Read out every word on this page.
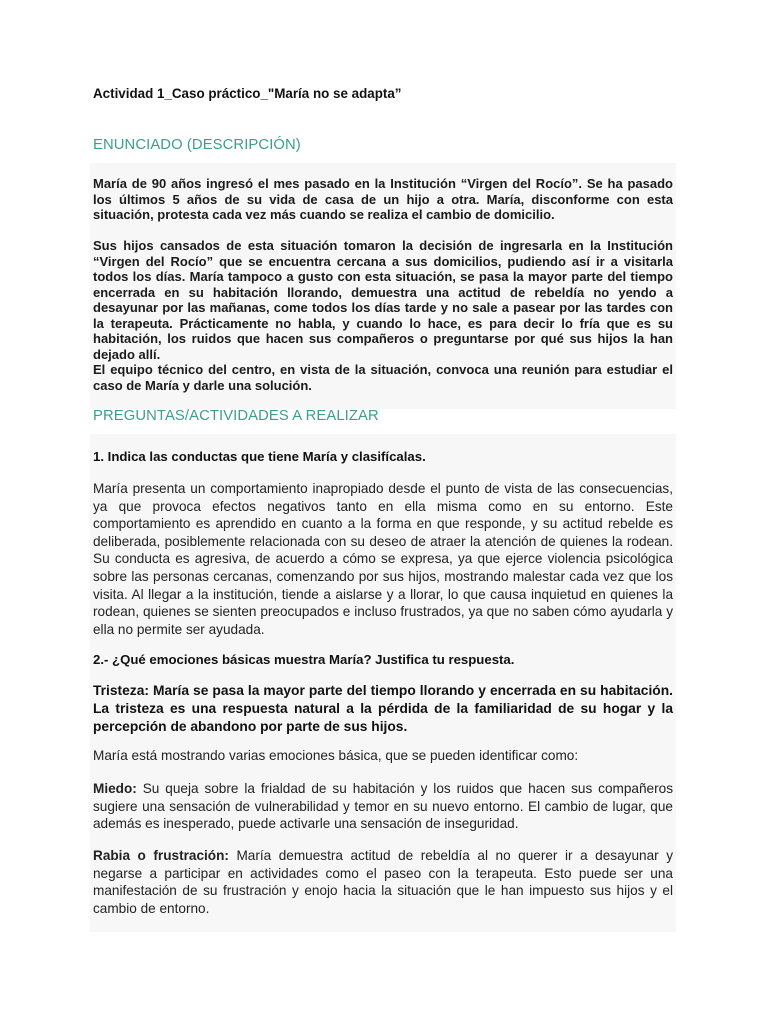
Actividad 1_Caso práctico_"María no se adapta”
ENUNCIADO (DESCRIPCIÓN)

María de 90 años ingresó el mes pasado en la Institución “Virgen del Rocío”. Se ha pasado los últimos 5 años de su vida de casa de un hijo a otra. María, disconforme con esta situación, protesta cada vez más cuando se realiza el cambio de domicilio.

Sus hijos cansados de esta situación tomaron la decisión de ingresarla en la Institución “Virgen del Rocío” que se encuentra cercana a sus domicilios, pudiendo así ir a visitarla todos los días. María tampoco a gusto con esta situación, se pasa la mayor parte del tiempo encerrada en su habitación llorando, demuestra una actitud de rebeldía no yendo a desayunar por las mañanas, come todos los días tarde y no sale a pasear por las tardes con la terapeuta. Prácticamente no habla, y cuando lo hace, es para decir lo fría que es su habitación, los ruidos que hacen sus compañeros o preguntarse por qué sus hijos la han dejado allí.

El equipo técnico del centro, en vista de la situación, convoca una reunión para estudiar el caso de María y darle una solución.

PREGUNTAS/ACTIVIDADES A REALIZAR

1. Indica las conductas que tiene María y clasifícalas.

María presenta un comportamiento inapropiado desde el punto de vista de las consecuencias, ya que provoca efectos negativos tanto en ella misma como en su entorno. Este comportamiento es aprendido en cuanto a la forma en que responde, y su actitud rebelde es deliberada, posiblemente relacionada con su deseo de atraer la atención de quienes la rodean. Su conducta es agresiva, de acuerdo a cómo se expresa, ya que ejerce violencia psicológica sobre las personas cercanas, comenzando por sus hijos, mostrando malestar cada vez que los visita. Al llegar a la institución, tiende a aislarse y a llorar, lo que causa inquietud en quienes la rodean, quienes se sienten preocupados e incluso frustrados, ya que no saben cómo ayudarla y ella no permite ser ayudada.

2.- ¿Qué emociones básicas muestra María? Justifica tu respuesta.

Tristeza: María se pasa la mayor parte del tiempo llorando y encerrada en su habitación. La tristeza es una respuesta natural a la pérdida de la familiaridad de su hogar y la percepción de abandono por parte de sus hijos.

María está mostrando varias emociones básica, que se pueden identificar como:

Miedo: Su queja sobre la frialdad de su habitación y los ruidos que hacen sus compañeros sugiere una sensación de vulnerabilidad y temor en su nuevo entorno. El cambio de lugar, que además es inesperado, puede activarle una sensación de inseguridad.

Rabia o frustración: María demuestra actitud de rebeldía al no querer ir a desayunar y negarse a participar en actividades como el paseo con la terapeuta. Esto puede ser una manifestación de su frustración y enojo hacia la situación que le han impuesto sus hijos y el cambio de entorno.
